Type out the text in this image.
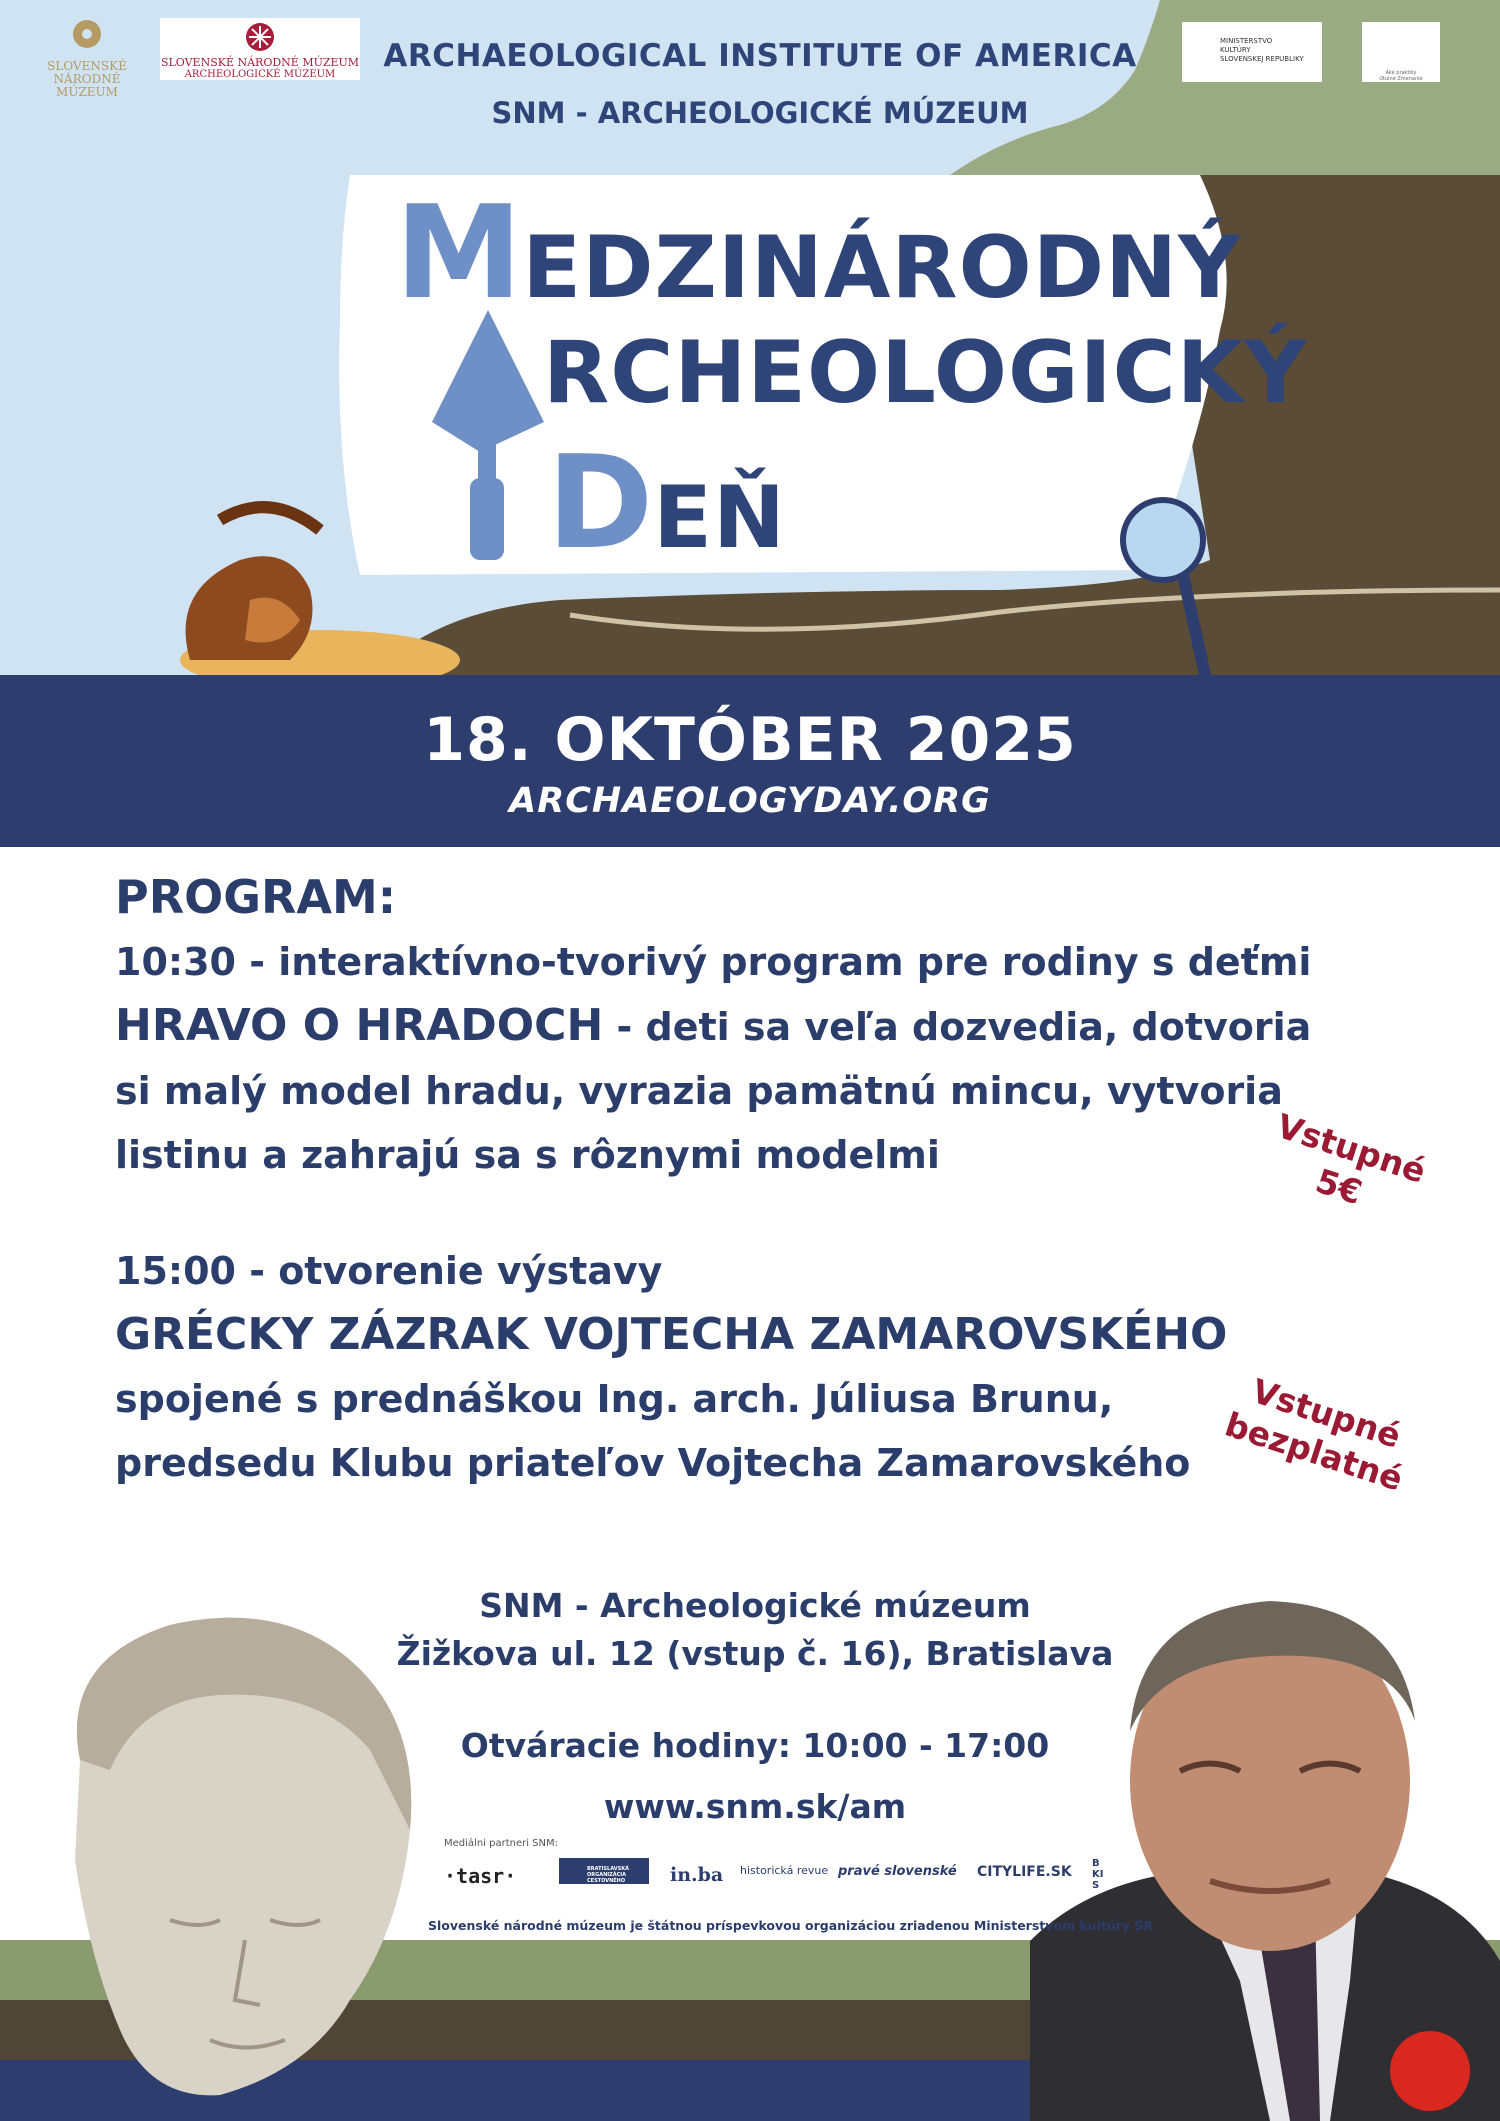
SLOVENSKÉ
NÁRODNÉ
MÚZEUM
SLOVENSKÉ NÁRODNÉ MÚZEUM
ARCHEOLOGICKÉ MÚZEUM
MINISTERSTVO
KULTÚRY
SLOVENSKEJ REPUBLIKY
Aké praktiky
Útulné Zmenanie
ARCHAEOLOGICAL INSTITUTE OF AMERICA
SNM - ARCHEOLOGICKÉ MÚZEUM
MEDZINÁRODNÝ
RCHEOLOGICKÝ
DEŇ
18. OKTÓBER 2025
ARCHAEOLOGYDAY.ORG
PROGRAM:
10:30 - interaktívno-tvorivý program pre rodiny s deťmi
HRAVO O HRADOCH - deti sa veľa dozvedia, dotvoria
si malý model hradu, vyrazia pamätnú mincu, vytvoria
listinu a zahrajú sa s rôznymi modelmi
15:00 - otvorenie výstavy
GRÉCKY ZÁZRAK VOJTECHA ZAMAROVSKÉHO
spojené s prednáškou Ing. arch. Júliusa Brunu,
predsedu Klubu priateľov Vojtecha Zamarovského
Vstupné
5€
Vstupné
bezplatné
SNM - Archeologické múzeum
Žižkova ul. 12 (vstup č. 16), Bratislava
Otváracie hodiny: 10:00 - 17:00
www.snm.sk/am
Mediálni partneri SNM:
·tasr·	BRATISLAVSKÁ ORGANIZÁCIA CESTOVNÉHO RUCHU
in.ba historická revue pravé slovenské CITYLIFE.SK
BKIS
Slovenské národné múzeum je štátnou príspevkovou organizáciou zriadenou Ministerstvom kultúry SR
